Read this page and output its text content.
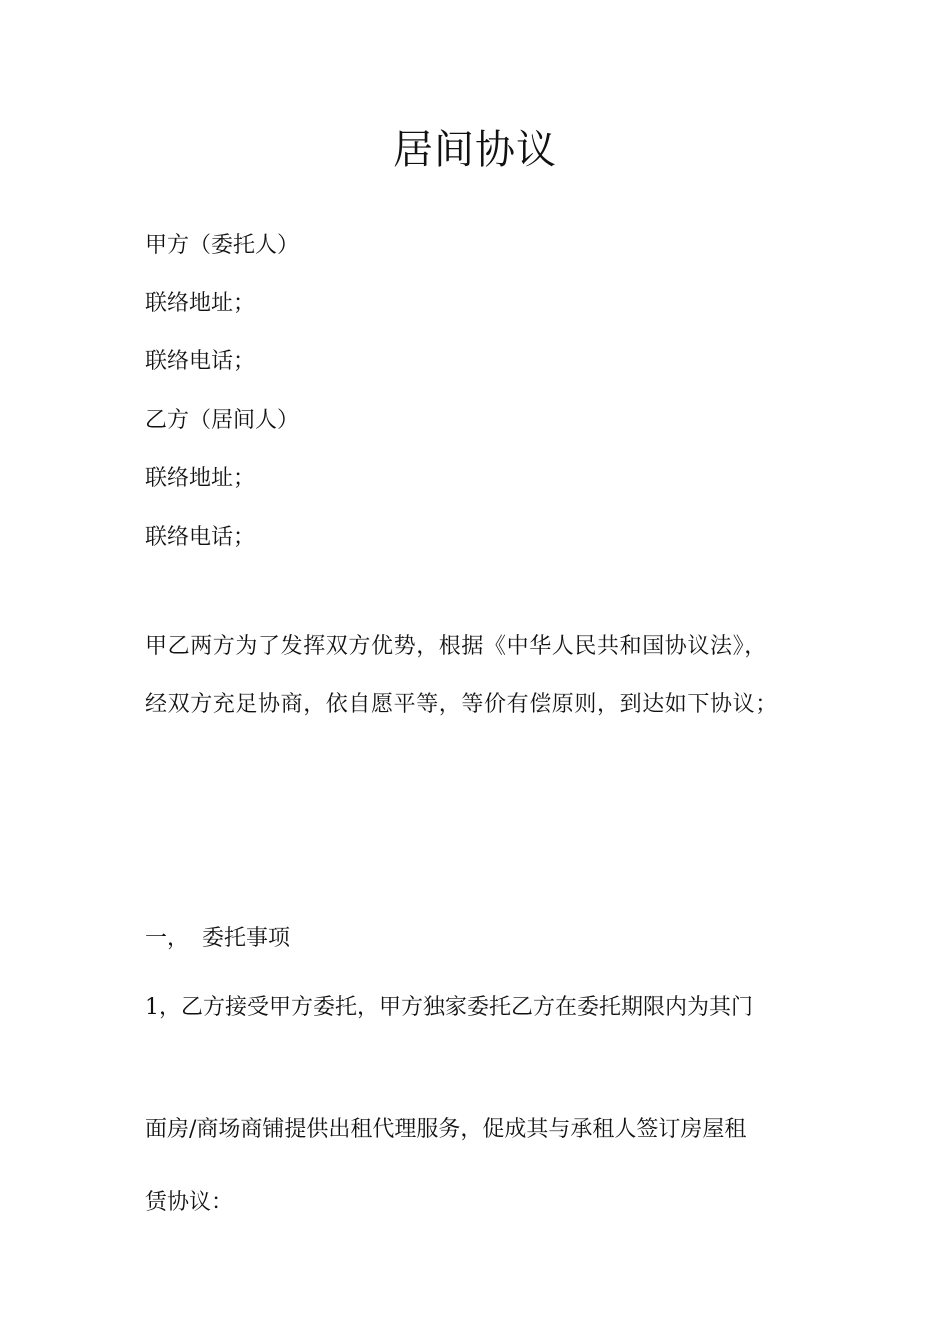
居间协议
甲方（委托人）
联络地址；
联络电话；
乙方（居间人）
联络地址；
联络电话；
甲乙两方为了发挥双方优势，根据《中华人民共和国协议法》，
经双方充足协商，依自愿平等，等价有偿原则，到达如下协议；
一， 委托事项
1，乙方接受甲方委托，甲方独家委托乙方在委托期限内为其门
面房/商场商铺提供出租代理服务，促成其与承租人签订房屋租
赁协议：
